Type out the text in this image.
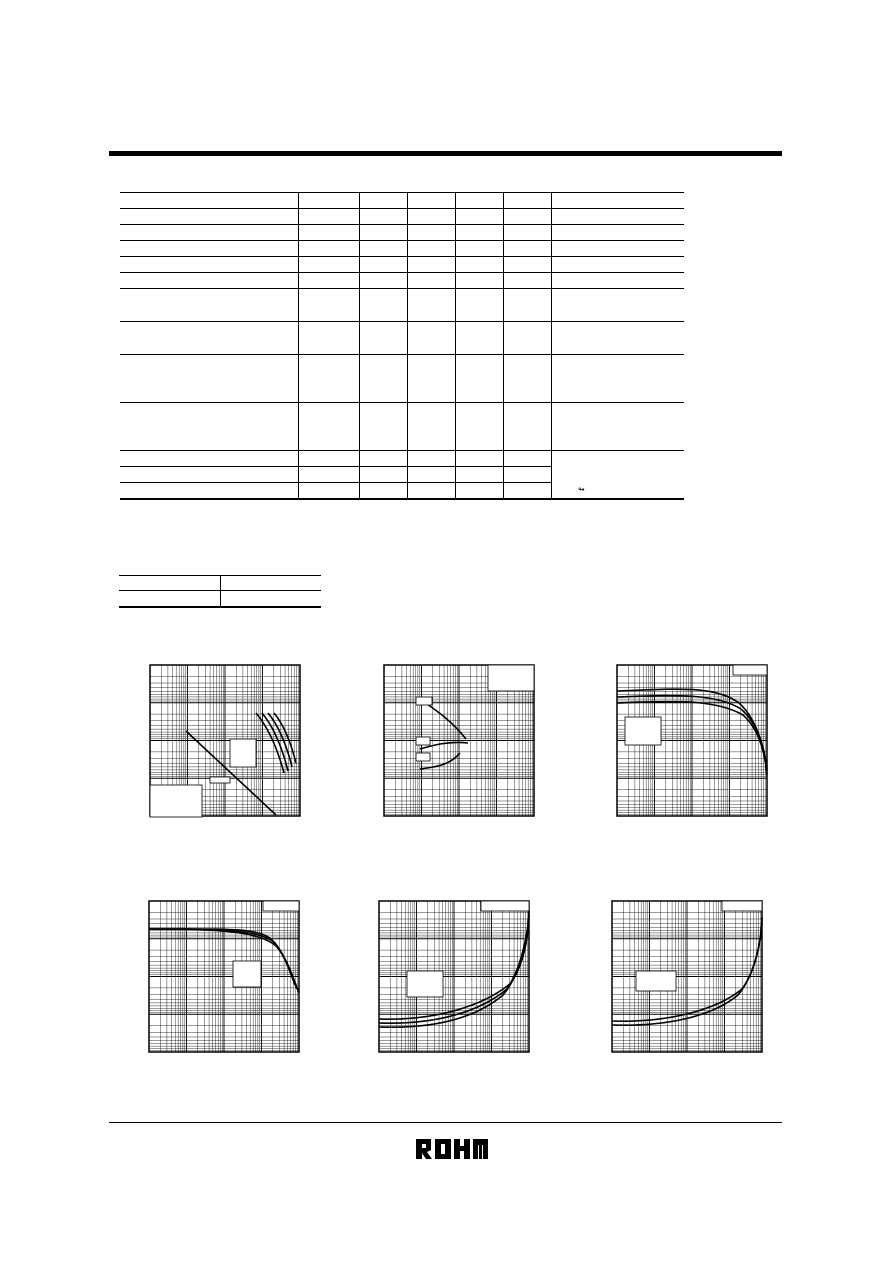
↬
